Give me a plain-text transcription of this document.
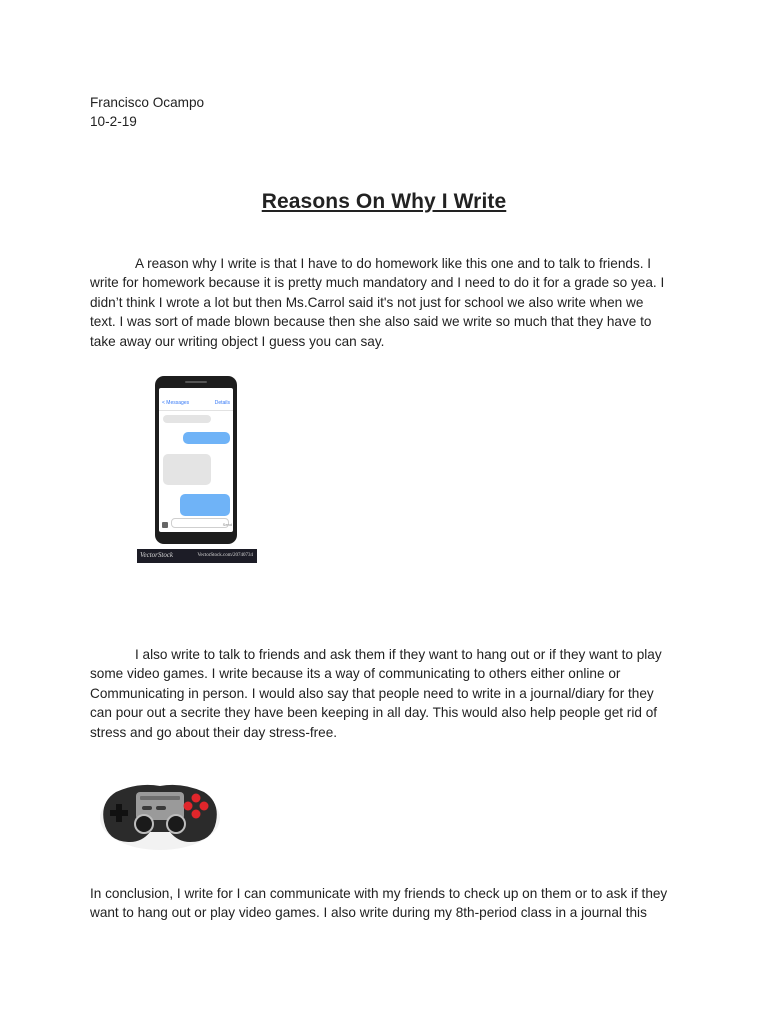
Francisco Ocampo
10-2-19
Reasons On Why I Write
A reason why I write is that I have to do homework like this one and to talk to friends. I
write for homework because it is pretty much mandatory and I need to do it for a grade so yea. I
didn’t think I wrote a lot but then Ms.Carrol said it's not just for school we also write when we
text. I was sort of made blown because then she also said we write so much that they have to
take away our writing object I guess you can say.
< Messages	Details
Send
VectorStock	VectorStock.com/20740734
I also write to talk to friends and ask them if they want to hang out or if they want to play
some video games. I write because its a way of communicating to others either online or
Communicating in person. I would also say that people need to write in a journal/diary for they
can pour out a secrite they have been keeping in all day. This would also help people get rid of
stress and go about their day stress-free.
In conclusion, I write for I can communicate with my friends to check up on them or to ask if they
want to hang out or play video games. I also write during my 8th-period class in a journal this
